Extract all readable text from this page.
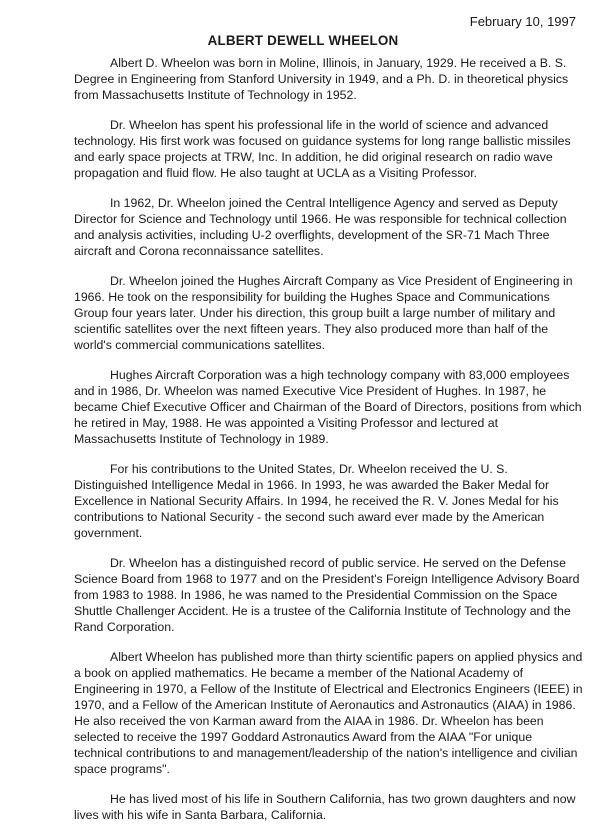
February 10, 1997
ALBERT DEWELL WHEELON
Albert D. Wheelon was born in Moline, Illinois, in January, 1929. He received a B. S.
Degree in Engineering from Stanford University in 1949, and a Ph. D. in theoretical physics
from Massachusetts Institute of Technology in 1952.
Dr. Wheelon has spent his professional life in the world of science and advanced
technology. His first work was focused on guidance systems for long range ballistic missiles
and early space projects at TRW, Inc. In addition, he did original research on radio wave
propagation and fluid flow. He also taught at UCLA as a Visiting Professor.
In 1962, Dr. Wheelon joined the Central Intelligence Agency and served as Deputy
Director for Science and Technology until 1966. He was responsible for technical collection
and analysis activities, including U-2 overflights, development of the SR-71 Mach Three
aircraft and Corona reconnaissance satellites.
Dr. Wheelon joined the Hughes Aircraft Company as Vice President of Engineering in
1966. He took on the responsibility for building the Hughes Space and Communications
Group four years later. Under his direction, this group built a large number of military and
scientific satellites over the next fifteen years. They also produced more than half of the
world's commercial communications satellites.
Hughes Aircraft Corporation was a high technology company with 83,000 employees
and in 1986, Dr. Wheelon was named Executive Vice President of Hughes. In 1987, he
became Chief Executive Officer and Chairman of the Board of Directors, positions from which
he retired in May, 1988. He was appointed a Visiting Professor and lectured at
Massachusetts Institute of Technology in 1989.
For his contributions to the United States, Dr. Wheelon received the U. S.
Distinguished Intelligence Medal in 1966. In 1993, he was awarded the Baker Medal for
Excellence in National Security Affairs. In 1994, he received the R. V. Jones Medal for his
contributions to National Security - the second such award ever made by the American
government.
Dr. Wheelon has a distinguished record of public service. He served on the Defense
Science Board from 1968 to 1977 and on the President's Foreign Intelligence Advisory Board
from 1983 to 1988. In 1986, he was named to the Presidential Commission on the Space
Shuttle Challenger Accident. He is a trustee of the California Institute of Technology and the
Rand Corporation.
Albert Wheelon has published more than thirty scientific papers on applied physics and
a book on applied mathematics. He became a member of the National Academy of
Engineering in 1970, a Fellow of the Institute of Electrical and Electronics Engineers (IEEE) in
1970, and a Fellow of the American Institute of Aeronautics and Astronautics (AIAA) in 1986.
He also received the von Karman award from the AIAA in 1986. Dr. Wheelon has been
selected to receive the 1997 Goddard Astronautics Award from the AIAA "For unique
technical contributions to and management/leadership of the nation's intelligence and civilian
space programs".
He has lived most of his life in Southern California, has two grown daughters and now
lives with his wife in Santa Barbara, California.
